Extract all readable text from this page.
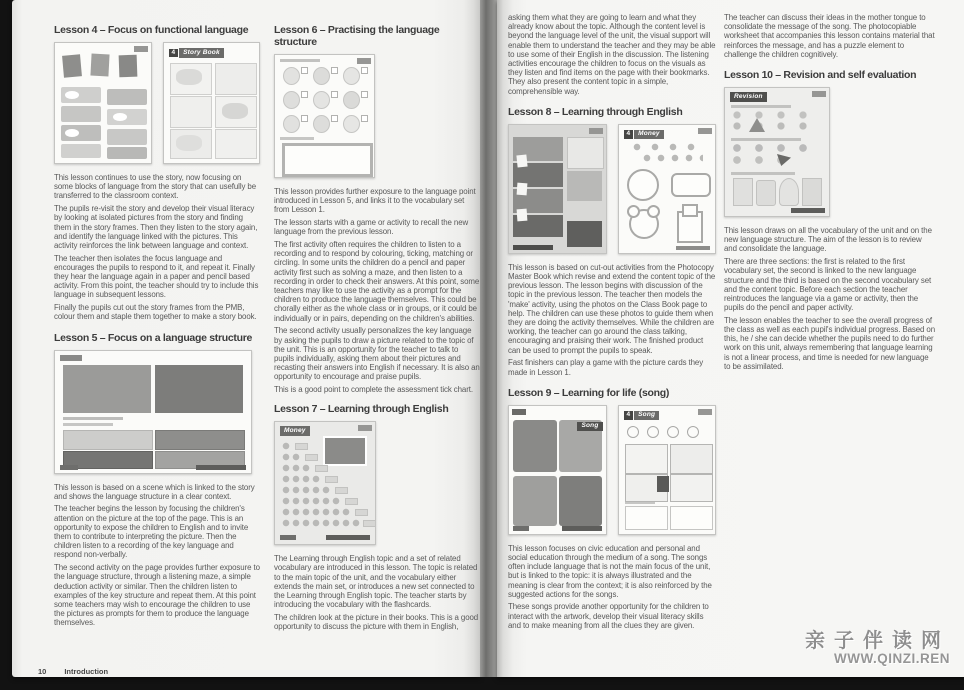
Lesson 4 – Focus on functional language
4	Story Book

This lesson continues to use the story, now focusing on some blocks of language from the story that can usefully be transferred to the classroom context.

The pupils re-visit the story and develop their visual literacy by looking at isolated pictures from the story and finding them in the story frames. Then they listen to the story again, and identify the language linked with the pictures. This activity reinforces the link between language and context.

The teacher then isolates the focus language and encourages the pupils to respond to it, and repeat it. Finally they hear the language again in a paper and pencil based activity. From this point, the teacher should try to include this language in subsequent lessons.

Finally the pupils cut out the story frames from the PMB, colour them and staple them together to make a story book.

Lesson 5 – Focus on a language structure

This lesson is based on a scene which is linked to the story and shows the language structure in a clear context.

The teacher begins the lesson by focusing the children's attention on the picture at the top of the page. This is an opportunity to expose the children to English and to invite them to contribute to interpreting the picture. Then the children listen to a recording of the key language and respond non-verbally.

The second activity on the page provides further exposure to the language structure, through a listening maze, a simple deduction activity or similar. Then the children listen to examples of the key structure and repeat them. At this point some teachers may wish to encourage the children to use the pictures as prompts for them to produce the language themselves.

Lesson 6 – Practising the language structure

This lesson provides further exposure to the language point introduced in Lesson 5, and links it to the vocabulary set from Lesson 1.

The lesson starts with a game or activity to recall the new language from the previous lesson.

The first activity often requires the children to listen to a recording and to respond by colouring, ticking, matching or circling. In some units the children do a pencil and paper activity first such as solving a maze, and then listen to a recording in order to check their answers. At this point, some teachers may like to use the activity as a prompt for the children to produce the language themselves. This could be chorally either as the whole class or in groups, or it could be individually or in pairs, depending on the children's abilities.

The second activity usually personalizes the key language by asking the pupils to draw a picture related to the topic of the unit. This is an opportunity for the teacher to talk to pupils individually, asking them about their pictures and recasting their answers into English if necessary. It is also an opportunity to encourage and praise pupils.

This is a good point to complete the assessment tick chart.

Lesson 7 – Learning through English
Money

The Learning through English topic and a set of related vocabulary are introduced in this lesson. The topic is related to the main topic of the unit, and the vocabulary either extends the main set, or introduces a new set connected to the Learning through English topic. The teacher starts by introducing the vocabulary with the flashcards.

The children look at the picture in their books. This is a good opportunity to discuss the picture with them in English,

10 Introduction

asking them what they are going to learn and what they already know about the topic. Although the content level is beyond the language level of the unit, the visual support will enable them to understand the teacher and they may be able to use some of their English in the discussion. The listening activities encourage the children to focus on the visuals as they listen and find items on the page with their bookmarks. They also present the content topic in a simple, comprehensible way.

Lesson 8 – Learning through English
4	Money

This lesson is based on cut-out activities from the Photocopy Master Book which revise and extend the content topic of the previous lesson. The lesson begins with discussion of the topic in the previous lesson. The teacher then models the 'make' activity, using the photos on the Class Book page to help. The children can use these photos to guide them when they are doing the activity themselves. While the children are working, the teacher can go around the class talking, encouraging and praising their work. The finished product can be used to prompt the pupils to speak.

Fast finishers can play a game with the picture cards they made in Lesson 1.

Lesson 9 – Learning for life (song)
Song
4	Song

This lesson focuses on civic education and personal and social education through the medium of a song. The songs often include language that is not the main focus of the unit, but is linked to the topic: it is always illustrated and the meaning is clear from the context; it is also reinforced by the suggested actions for the songs.

These songs provide another opportunity for the children to interact with the artwork, develop their visual literacy skills and to make meaning from all the clues they are given.

The teacher can discuss their ideas in the mother tongue to consolidate the message of the song. The photocopiable worksheet that accompanies this lesson contains material that reinforces the message, and has a puzzle element to challenge the children cognitively.

Lesson 10 – Revision and self evaluation
Revision

This lesson draws on all the vocabulary of the unit and on the new language structure. The aim of the lesson is to review and consolidate the language.

There are three sections: the first is related to the first vocabulary set, the second is linked to the new language structure and the third is based on the second vocabulary set and the content topic. Before each section the teacher reintroduces the language via a game or activity, then the pupils do the pencil and paper activity.

The lesson enables the teacher to see the overall progress of the class as well as each pupil's individual progress. Based on this, he / she can decide whether the pupils need to do further work on this unit, always remembering that language learning is not a linear process, and time is needed for new language to be assimilated.

亲子伴读网
WWW.QINZI.REN
